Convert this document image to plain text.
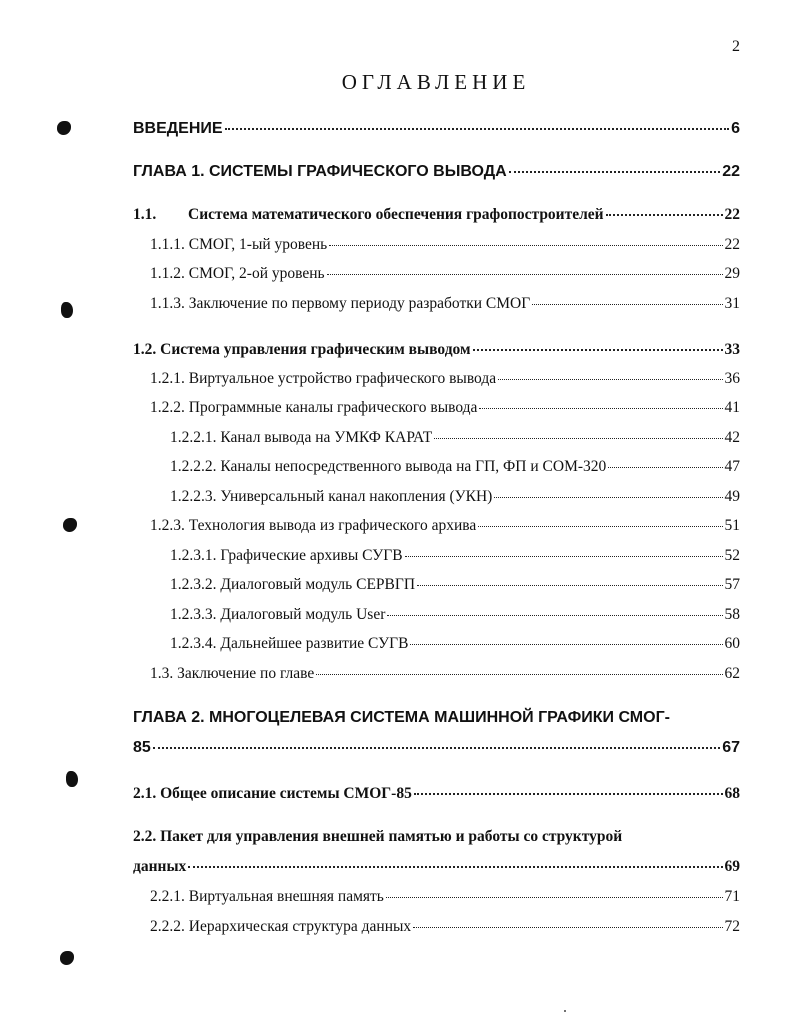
2
ОГЛАВЛЕНИЕ
ВВЕДЕНИЕ	6
ГЛАВА 1. СИСТЕМЫ ГРАФИЧЕСКОГО ВЫВОДА	22
1.1. Система математического обеспечения графопостроителей	22
1.1.1. СМОГ, 1-ый уровень	22
1.1.2. СМОГ, 2-ой уровень	29
1.1.3. Заключение по первому периоду разработки СМОГ	31
1.2. Система управления графическим выводом	33
1.2.1. Виртуальное устройство графического вывода	36
1.2.2. Программные каналы графического вывода	41
1.2.2.1. Канал вывода на УМКФ КАРАТ	42
1.2.2.2. Каналы непосредственного вывода на ГП, ФП и СОМ-320	47
1.2.2.3. Универсальный канал накопления (УКН)	49
1.2.3. Технология вывода из графического архива	51
1.2.3.1. Графические архивы СУГВ	52
1.2.3.2. Диалоговый модуль СЕРВГП	57
1.2.3.3. Диалоговый модуль User	58
1.2.3.4. Дальнейшее развитие СУГВ	60
1.3. Заключение по главе	62
ГЛАВА 2. МНОГОЦЕЛЕВАЯ СИСТЕМА МАШИННОЙ ГРАФИКИ СМОГ-
85	67
2.1. Общее описание системы СМОГ-85	68
2.2. Пакет для управления внешней памятью и работы со структурой
данных	69
2.2.1. Виртуальная внешняя память	71
2.2.2. Иерархическая структура данных	72
